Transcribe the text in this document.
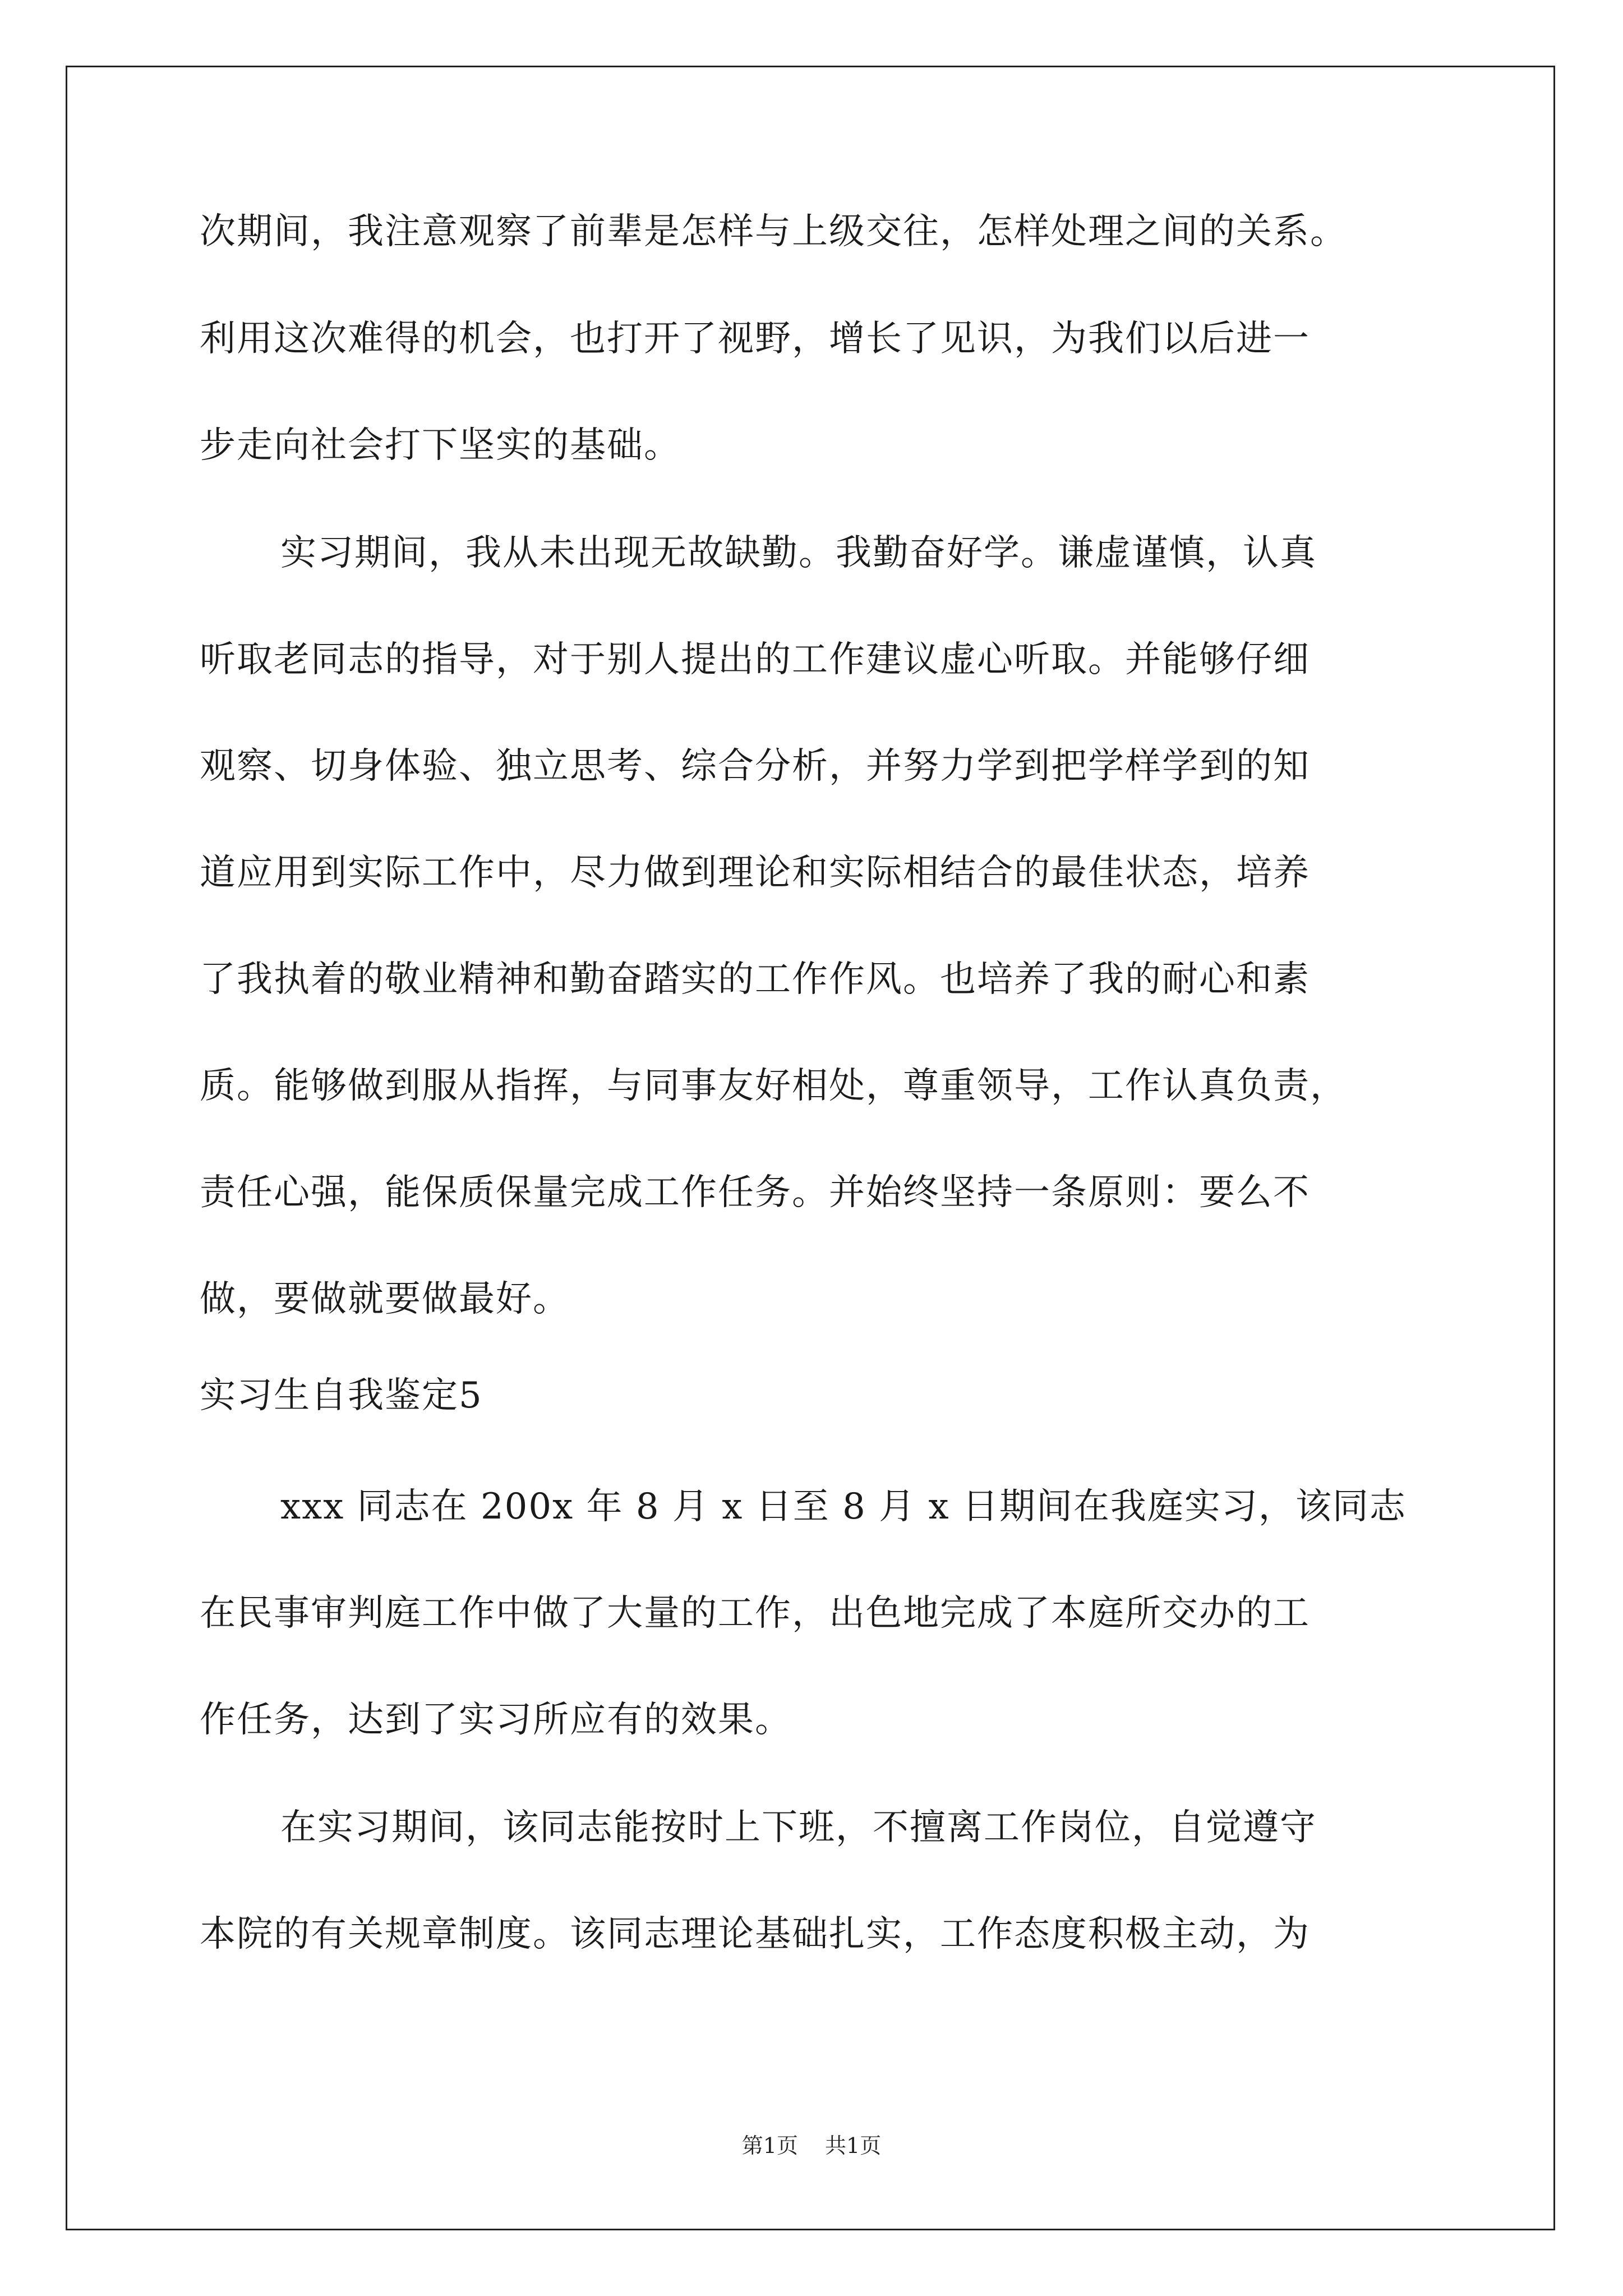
次期间，我注意观察了前辈是怎样与上级交往，怎样处理之间的关系。
利用这次难得的机会，也打开了视野，增长了见识，为我们以后进一
步走向社会打下坚实的基础。
实习期间，我从未出现无故缺勤。我勤奋好学。谦虚谨慎，认真
听取老同志的指导，对于别人提出的工作建议虚心听取。并能够仔细
观察、切身体验、独立思考、综合分析，并努力学到把学样学到的知
道应用到实际工作中，尽力做到理论和实际相结合的最佳状态，培养
了我执着的敬业精神和勤奋踏实的工作作风。也培养了我的耐心和素
质。能够做到服从指挥，与同事友好相处，尊重领导，工作认真负责，
责任心强，能保质保量完成工作任务。并始终坚持一条原则：要么不
做，要做就要做最好。
实习生自我鉴定5
xxx 同志在 200x 年 8 月 x 日至 8 月 x 日期间在我庭实习，该同志
在民事审判庭工作中做了大量的工作，出色地完成了本庭所交办的工
作任务，达到了实习所应有的效果。
在实习期间，该同志能按时上下班，不擅离工作岗位，自觉遵守
本院的有关规章制度。该同志理论基础扎实，工作态度积极主动，为
第1页 共1页
